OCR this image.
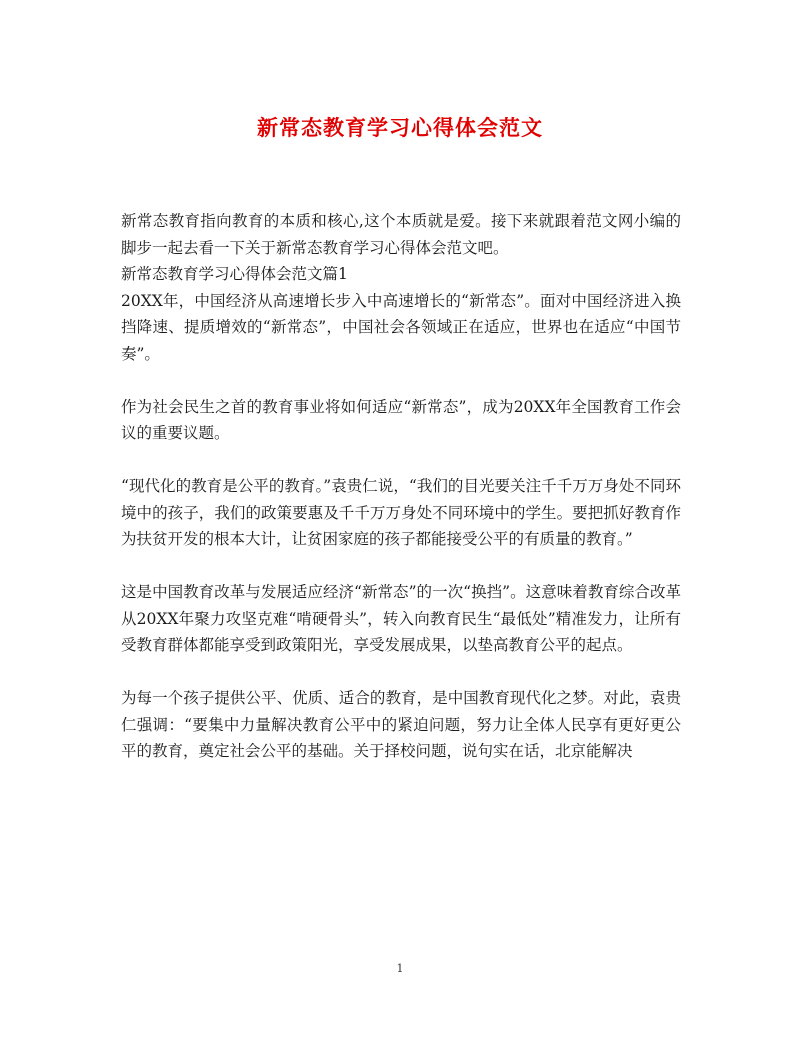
新常态教育学习心得体会范文

新常态教育指向教育的本质和核心,这个本质就是爱。接下来就跟着范文网小编的脚步一起去看一下关于新常态教育学习心得体会范文吧。

新常态教育学习心得体会范文篇1

20XX年，中国经济从高速增长步入中高速增长的“新常态”。面对中国经济进入换挡降速、提质增效的“新常态”，中国社会各领域正在适应，世界也在适应“中国节奏”。

作为社会民生之首的教育事业将如何适应“新常态”，成为20XX年全国教育工作会议的重要议题。

“现代化的教育是公平的教育。”袁贵仁说，“我们的目光要关注千千万万身处不同环境中的孩子，我们的政策要惠及千千万万身处不同环境中的学生。要把抓好教育作为扶贫开发的根本大计，让贫困家庭的孩子都能接受公平的有质量的教育。”

这是中国教育改革与发展适应经济“新常态”的一次“换挡”。这意味着教育综合改革从20XX年聚力攻坚克难“啃硬骨头”，转入向教育民生“最低处”精准发力，让所有受教育群体都能享受到政策阳光，享受发展成果，以垫高教育公平的起点。

为每一个孩子提供公平、优质、适合的教育，是中国教育现代化之梦。对此，袁贵仁强调：“要集中力量解决教育公平中的紧迫问题，努力让全体人民享有更好更公平的教育，奠定社会公平的基础。关于择校问题，说句实在话，北京能解决

1
